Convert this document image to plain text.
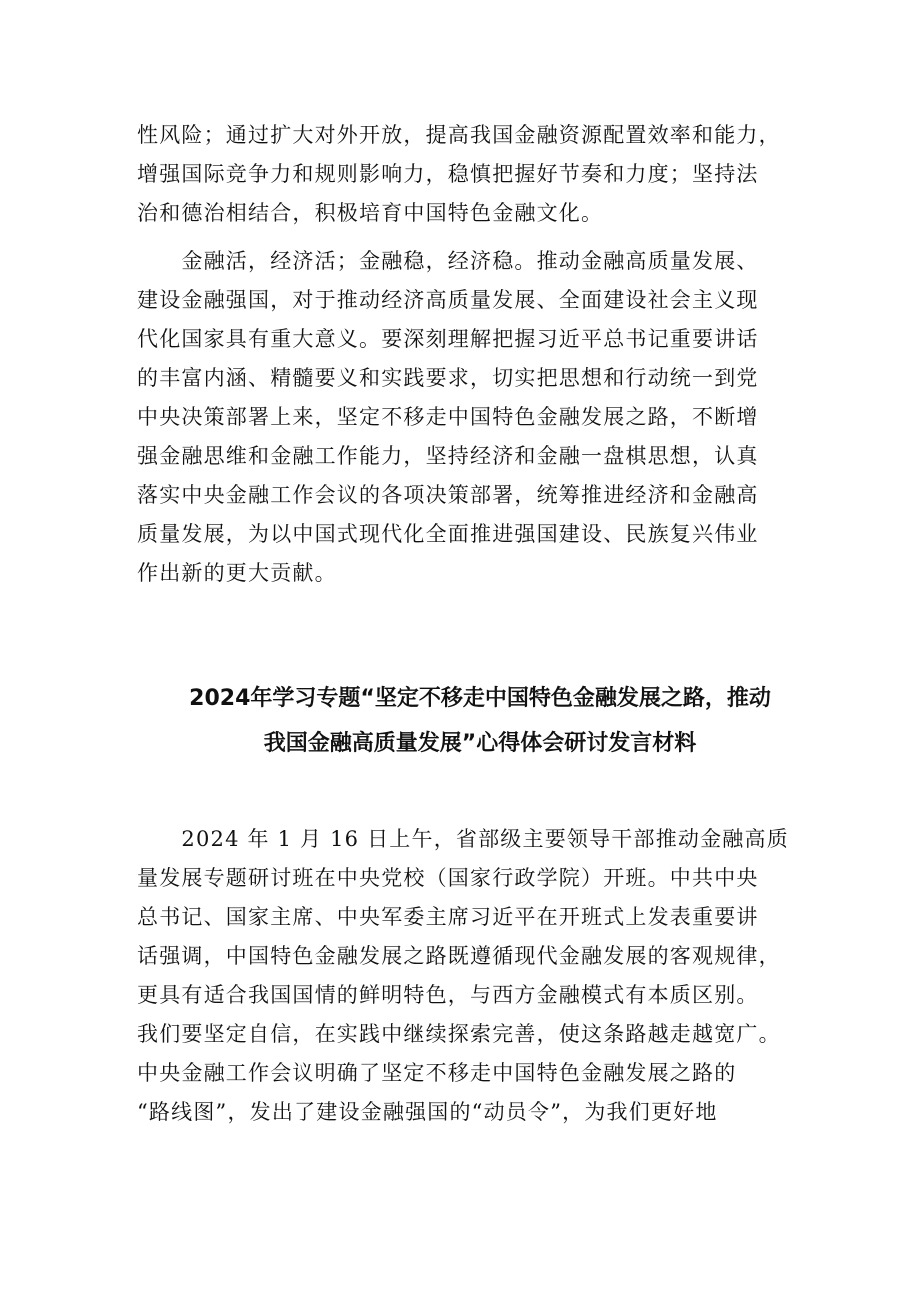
性风险；通过扩大对外开放，提高我国金融资源配置效率和能力，
增强国际竞争力和规则影响力，稳慎把握好节奏和力度；坚持法
治和德治相结合，积极培育中国特色金融文化。
　　金融活，经济活；金融稳，经济稳。推动金融高质量发展、
建设金融强国，对于推动经济高质量发展、全面建设社会主义现
代化国家具有重大意义。要深刻理解把握习近平总书记重要讲话
的丰富内涵、精髓要义和实践要求，切实把思想和行动统一到党
中央决策部署上来，坚定不移走中国特色金融发展之路，不断增
强金融思维和金融工作能力，坚持经济和金融一盘棋思想，认真
落实中央金融工作会议的各项决策部署，统筹推进经济和金融高
质量发展，为以中国式现代化全面推进强国建设、民族复兴伟业
作出新的更大贡献。
2024年学习专题“坚定不移走中国特色金融发展之路，推动
我国金融高质量发展”心得体会研讨发言材料
　　2024 年 1 月 16 日上午，省部级主要领导干部推动金融高质
量发展专题研讨班在中央党校（国家行政学院）开班。中共中央
总书记、国家主席、中央军委主席习近平在开班式上发表重要讲
话强调，中国特色金融发展之路既遵循现代金融发展的客观规律，
更具有适合我国国情的鲜明特色，与西方金融模式有本质区别。
我们要坚定自信，在实践中继续探索完善，使这条路越走越宽广。
中央金融工作会议明确了坚定不移走中国特色金融发展之路的
“路线图”，发出了建设金融强国的“动员令”，为我们更好地
